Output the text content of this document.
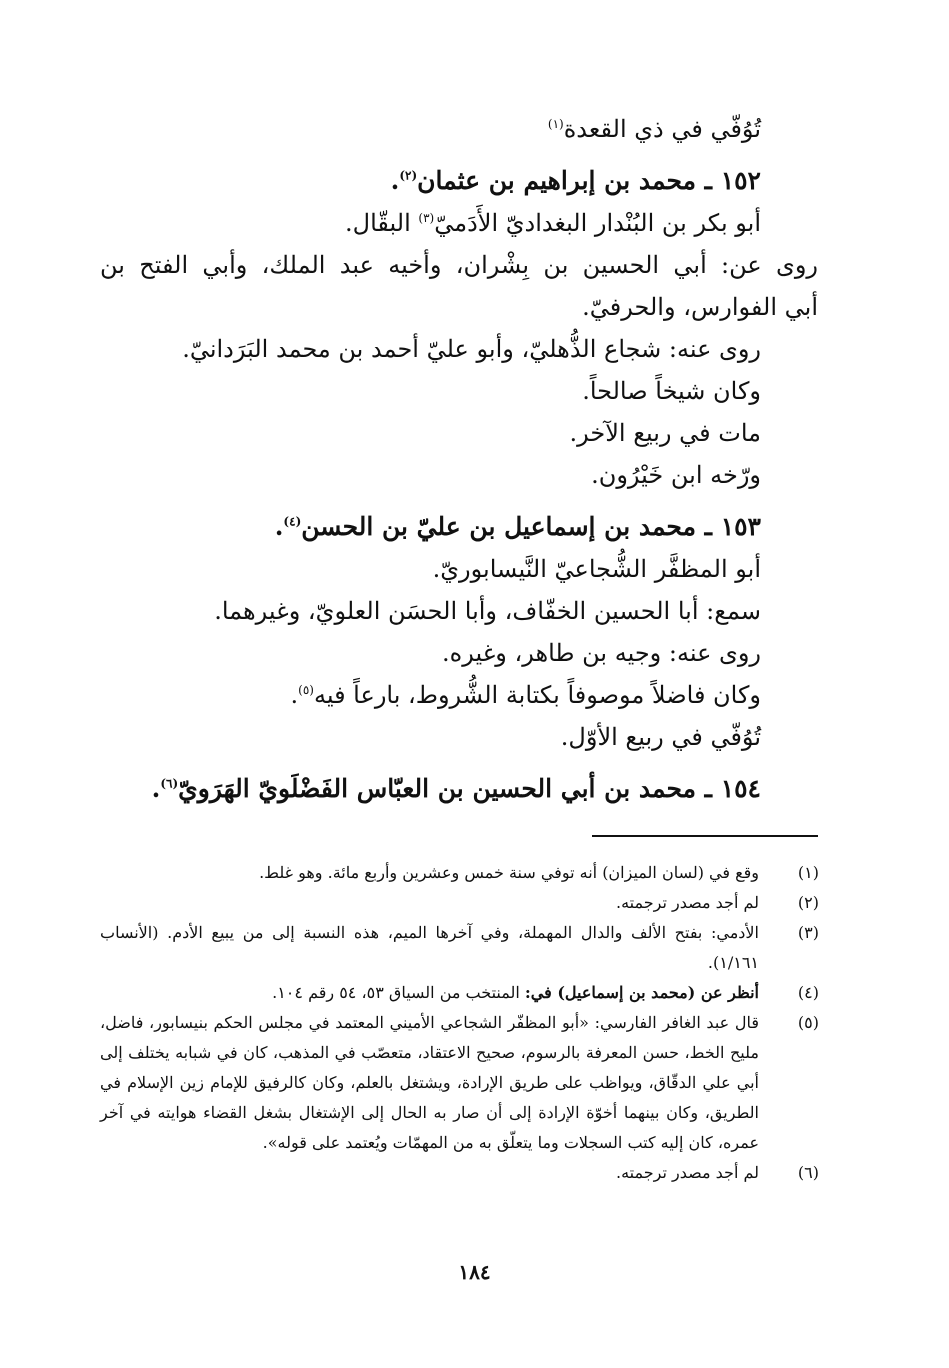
تُوُفّي في ذي القعدة$^{(١)}$

١٥٢ ـ محمد بن إبراهيم بن عثمان$^{(٢)}$.

أبو بكر بن البُنْدار البغداديّ الأَدَميّ$^{(٣)}$ البقّال.

روى عن: أبي الحسين بن بِشْران، وأخيه عبد الملك، وأبي الفتح بن

أبي الفوارس، والحرفيّ.

روى عنه: شجاع الذُّهليّ، وأبو عليّ أحمد بن محمد البَرَدانيّ.

وكان شيخاً صالحاً.

مات في ربيع الآخر.

ورّخه ابن خَيْرُون.

١٥٣ ـ محمد بن إسماعيل بن عليّ بن الحسن$^{(٤)}$.

أبو المظفَّر الشُّجاعيّ النَّيسابوريّ.

سمع: أبا الحسين الخفّاف، وأبا الحسَن العلويّ، وغيرهما.

روى عنه: وجيه بن طاهر، وغيره.

وكان فاضلاً موصوفاً بكتابة الشُّروط، بارعاً فيه$^{(٥)}$.

تُوُفّي في ربيع الأوّل.

١٥٤ ـ محمد بن أبي الحسين بن العبّاس الفَضْلَويّ الهَرَويّ$^{(٦)}$.

(١)
وقع في (لسان الميزان) أنه توفي سنة خمس وعشرين وأربع مائة. وهو غلط.
(٢)
لم أجد مصدر ترجمته.
(٣)
الأدمي: بفتح الألف والدال المهملة، وفي آخرها الميم، هذه النسبة إلى من يبيع الأدم. (الأنساب ١/١٦١).
(٤)
أنظر عن (محمد بن إسماعيل) في: المنتخب من السياق ٥٣، ٥٤ رقم ١٠٤.
(٥)
قال عبد الغافر الفارسي: «أبو المظفّر الشجاعي الأميني المعتمد في مجلس الحكم بنيسابور، فاضل، مليح الخط، حسن المعرفة بالرسوم، صحيح الاعتقاد، متعصّب في المذهب، كان في شبابه يختلف إلى أبي علي الدقّاق، ويواظب على طريق الإرادة، ويشتغل بالعلم، وكان كالرفيق للإمام زين الإسلام في الطريق، وكان بينهما أخوّة الإرادة إلى أن صار به الحال إلى الإشتغال بشغل القضاء هوايته في آخر عمره، كان إليه كتب السجلات وما يتعلّق به من المهمّات ويُعتمد على قوله».
(٦)
لم أجد مصدر ترجمته.
١٨٤
